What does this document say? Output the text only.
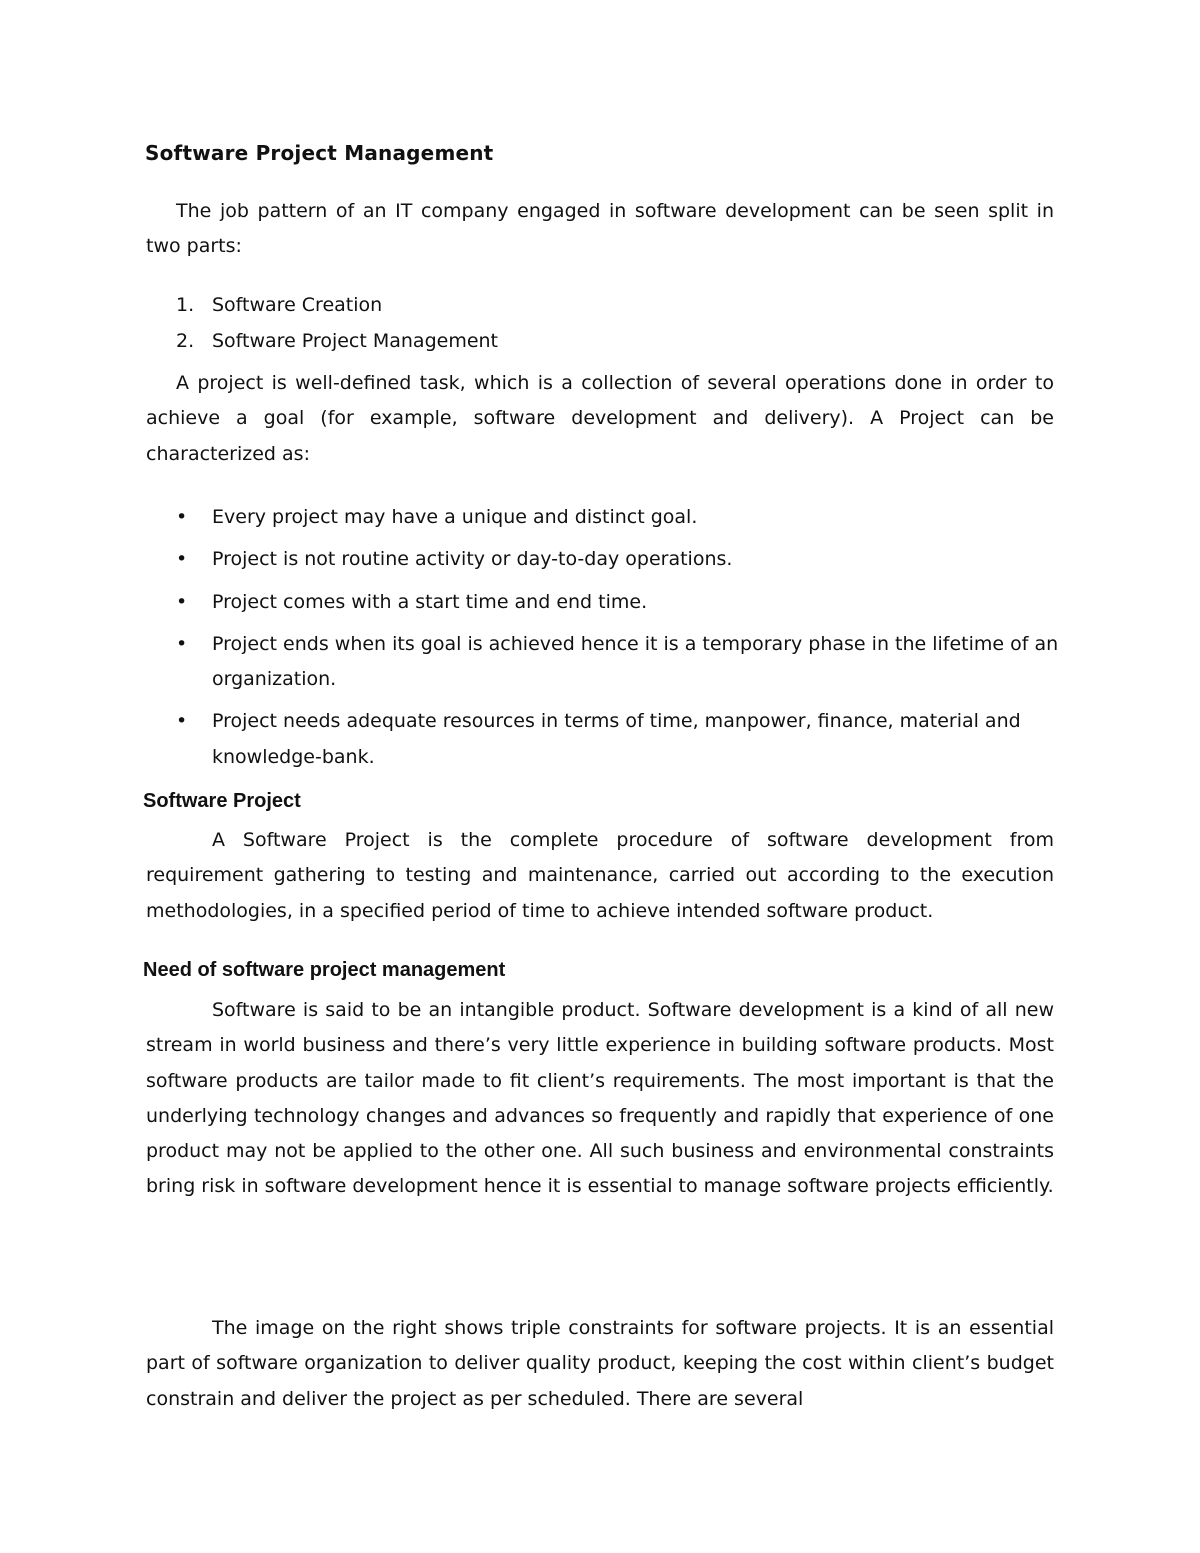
Software Project Management
The job pattern of an IT company engaged in software development can be seen split in two parts:
1. Software Creation
2. Software Project Management
A project is well-defined task, which is a collection of several operations done in order to achieve a goal (for example, software development and delivery). A Project can be characterized as:
• Every project may have a unique and distinct goal.
• Project is not routine activity or day-to-day operations.
• Project comes with a start time and end time.
• Project ends when its goal is achieved hence it is a temporary phase in the lifetime of an organization.
• Project needs adequate resources in terms of time, manpower, finance, material and knowledge-bank.
Software Project
A Software Project is the complete procedure of software development from requirement gathering to testing and maintenance, carried out according to the execution methodologies, in a specified period of time to achieve intended software product.
Need of software project management
Software is said to be an intangible product. Software development is a kind of all new stream in world business and there’s very little experience in building software products. Most software products are tailor made to fit client’s requirements. The most important is that the underlying technology changes and advances so frequently and rapidly that experience of one product may not be applied to the other one. All such business and environmental constraints bring risk in software development hence it is essential to manage software projects efficiently.
The image on the right shows triple constraints for software projects. It is an essential part of software organization to deliver quality product, keeping the cost within client’s budget constrain and deliver the project as per scheduled. There are several
